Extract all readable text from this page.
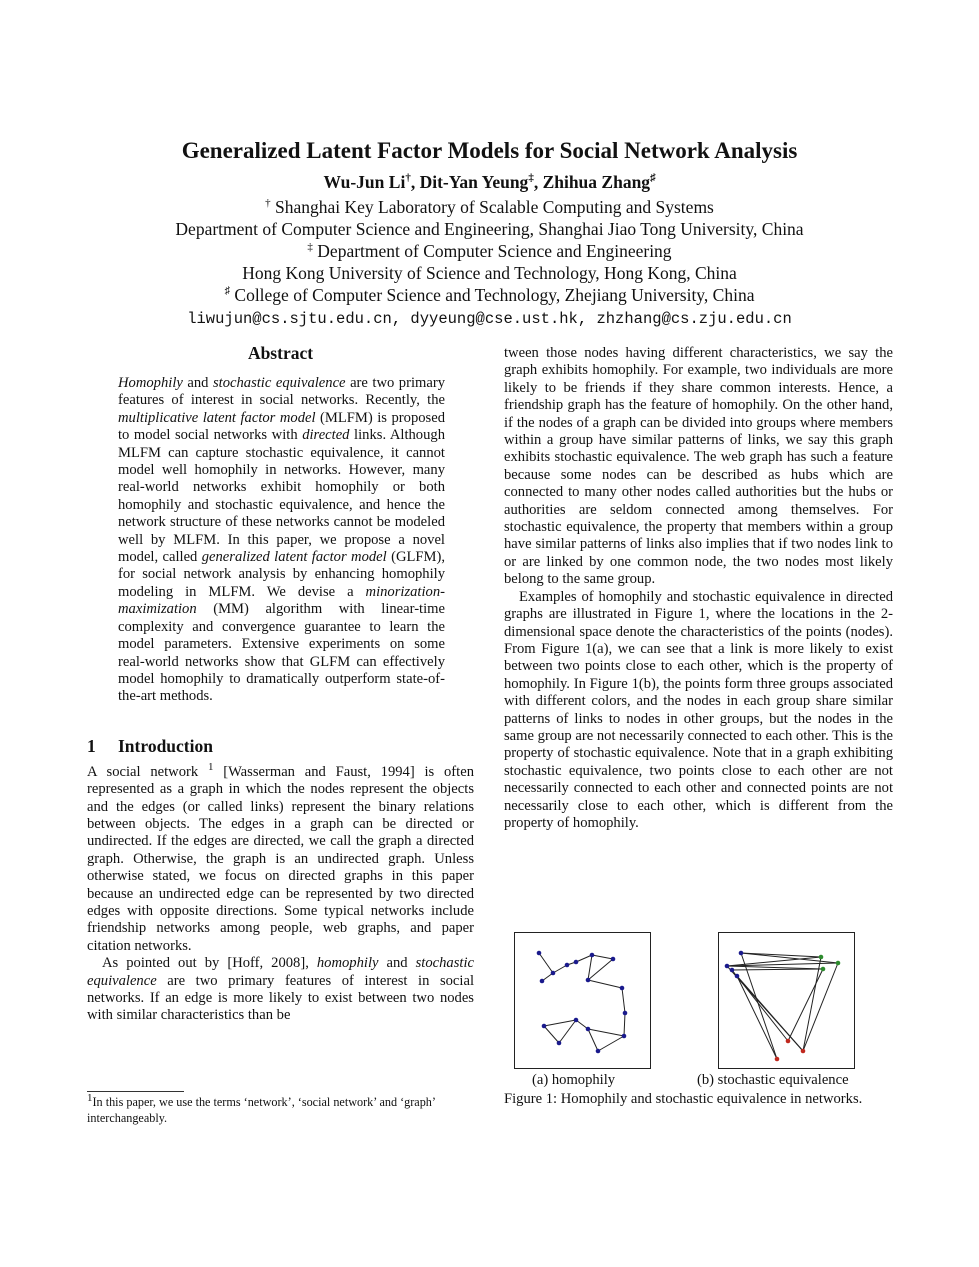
Generalized Latent Factor Models for Social Network Analysis
Wu-Jun Li†, Dit-Yan Yeung‡, Zhihua Zhang♯
† Shanghai Key Laboratory of Scalable Computing and Systems
Department of Computer Science and Engineering, Shanghai Jiao Tong University, China
‡ Department of Computer Science and Engineering
Hong Kong University of Science and Technology, Hong Kong, China
♯ College of Computer Science and Technology, Zhejiang University, China
liwujun@cs.sjtu.edu.cn, dyyeung@cse.ust.hk, zhzhang@cs.zju.edu.cn
Abstract
Homophily and stochastic equivalence are two primary features of interest in social networks. Recently, the multiplicative latent factor model (MLFM) is proposed to model social networks with directed links. Although MLFM can capture stochastic equivalence, it cannot model well homophily in networks. However, many real-world networks exhibit homophily or both homophily and stochastic equivalence, and hence the network structure of these networks cannot be modeled well by MLFM. In this paper, we propose a novel model, called generalized latent factor model (GLFM), for social network analysis by enhancing homophily modeling in MLFM. We devise a minorization-maximization (MM) algorithm with linear-time complexity and convergence guarantee to learn the model parameters. Extensive experiments on some real-world networks show that GLFM can effectively model homophily to dramatically outperform state-of-the-art methods.
1 Introduction

A social network $^1$ [Wasserman and Faust, 1994] is often represented as a graph in which the nodes represent the objects and the edges (or called links) represent the binary relations between objects. The edges in a graph can be directed or undirected. If the edges are directed, we call the graph a directed graph. Otherwise, the graph is an undirected graph. Unless otherwise stated, we focus on directed graphs in this paper because an undirected edge can be represented by two directed edges with opposite directions. Some typical networks include friendship networks among people, web graphs, and paper citation networks.

As pointed out by [Hoff, 2008], homophily and stochastic equivalence are two primary features of interest in social networks. If an edge is more likely to exist between two nodes with similar characteristics than be

$^1$In this paper, we use the terms ‘network’, ‘social network’ and ‘graph’ interchangeably.

tween those nodes having different characteristics, we say the graph exhibits homophily. For example, two individuals are more likely to be friends if they share common interests. Hence, a friendship graph has the feature of homophily. On the other hand, if the nodes of a graph can be divided into groups where members within a group have similar patterns of links, we say this graph exhibits stochastic equivalence. The web graph has such a feature because some nodes can be described as hubs which are connected to many other nodes called authorities but the hubs or authorities are seldom connected among themselves. For stochastic equivalence, the property that members within a group have similar patterns of links also implies that if two nodes link to or are linked by one common node, the two nodes most likely belong to the same group.

Examples of homophily and stochastic equivalence in directed graphs are illustrated in Figure 1, where the locations in the 2-dimensional space denote the characteristics of the points (nodes). From Figure 1(a), we can see that a link is more likely to exist between two points close to each other, which is the property of homophily. In Figure 1(b), the points form three groups associated with different colors, and the nodes in each group share similar patterns of links to nodes in other groups, but the nodes in the same group are not necessarily connected to each other. This is the property of stochastic equivalence. Note that in a graph exhibiting stochastic equivalence, two points close to each other are not necessarily connected to each other and connected points are not necessarily close to each other, which is different from the property of homophily.

(a) homophily	(b) stochastic equivalence
Figure 1: Homophily and stochastic equivalence in networks.
